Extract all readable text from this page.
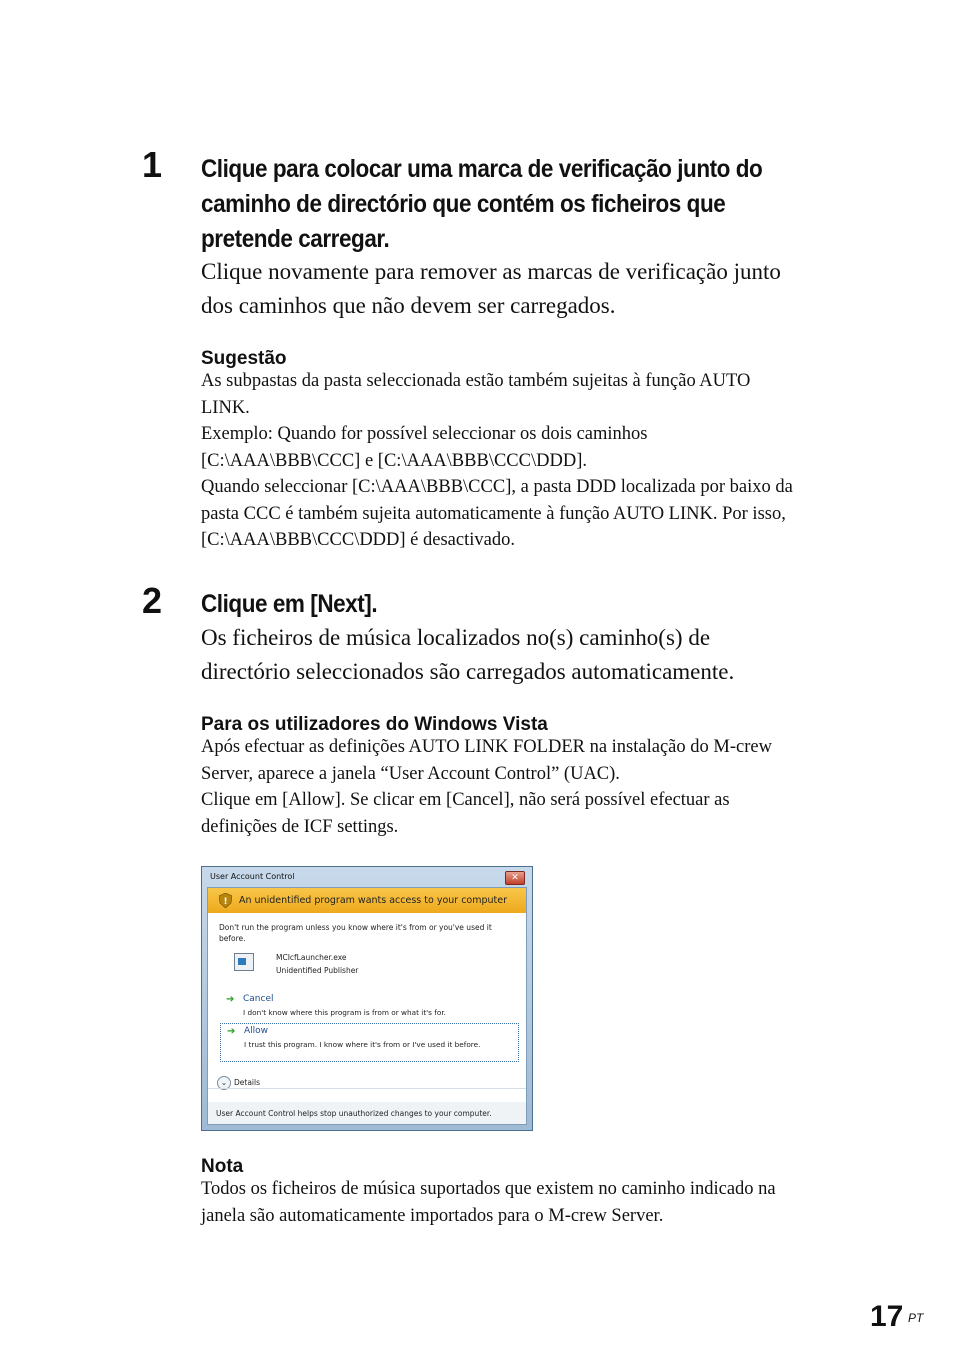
1 Clique para colocar uma marca de verificação junto do
caminho de directório que contém os ficheiros que
pretende carregar.
Clique novamente para remover as marcas de verificação junto
dos caminhos que não devem ser carregados.
Sugestão
As subpastas da pasta seleccionada estão também sujeitas à função AUTO
LINK.
Exemplo: Quando for possível seleccionar os dois caminhos
[C:\AAA\BBB\CCC] e [C:\AAA\BBB\CCC\DDD].
Quando seleccionar [C:\AAA\BBB\CCC], a pasta DDD localizada por baixo da
pasta CCC é também sujeita automaticamente à função AUTO LINK. Por isso,
[C:\AAA\BBB\CCC\DDD] é desactivado.
2 Clique em [Next].
Os ficheiros de música localizados no(s) caminho(s) de
directório seleccionados são carregados automaticamente.
Para os utilizadores do Windows Vista
Após efectuar as definições AUTO LINK FOLDER na instalação do M-crew
Server, aparece a janela “User Account Control” (UAC).
Clique em [Allow]. Se clicar em [Cancel], não será possível efectuar as
definições de ICF settings.
User Account Control	✕
! An unidentified program wants access to your computer
Don't run the program unless you know where it's from or you've used it before.
MCIcfLauncher.exe
Unidentified Publisher
➔ Cancel
I don't know where this program is from or what it's for.
➔ Allow
I trust this program. I know where it's from or I've used it before.
⌄ Details
User Account Control helps stop unauthorized changes to your computer.
Nota
Todos os ficheiros de música suportados que existem no caminho indicado na
janela são automaticamente importados para o M-crew Server.
17 PT
